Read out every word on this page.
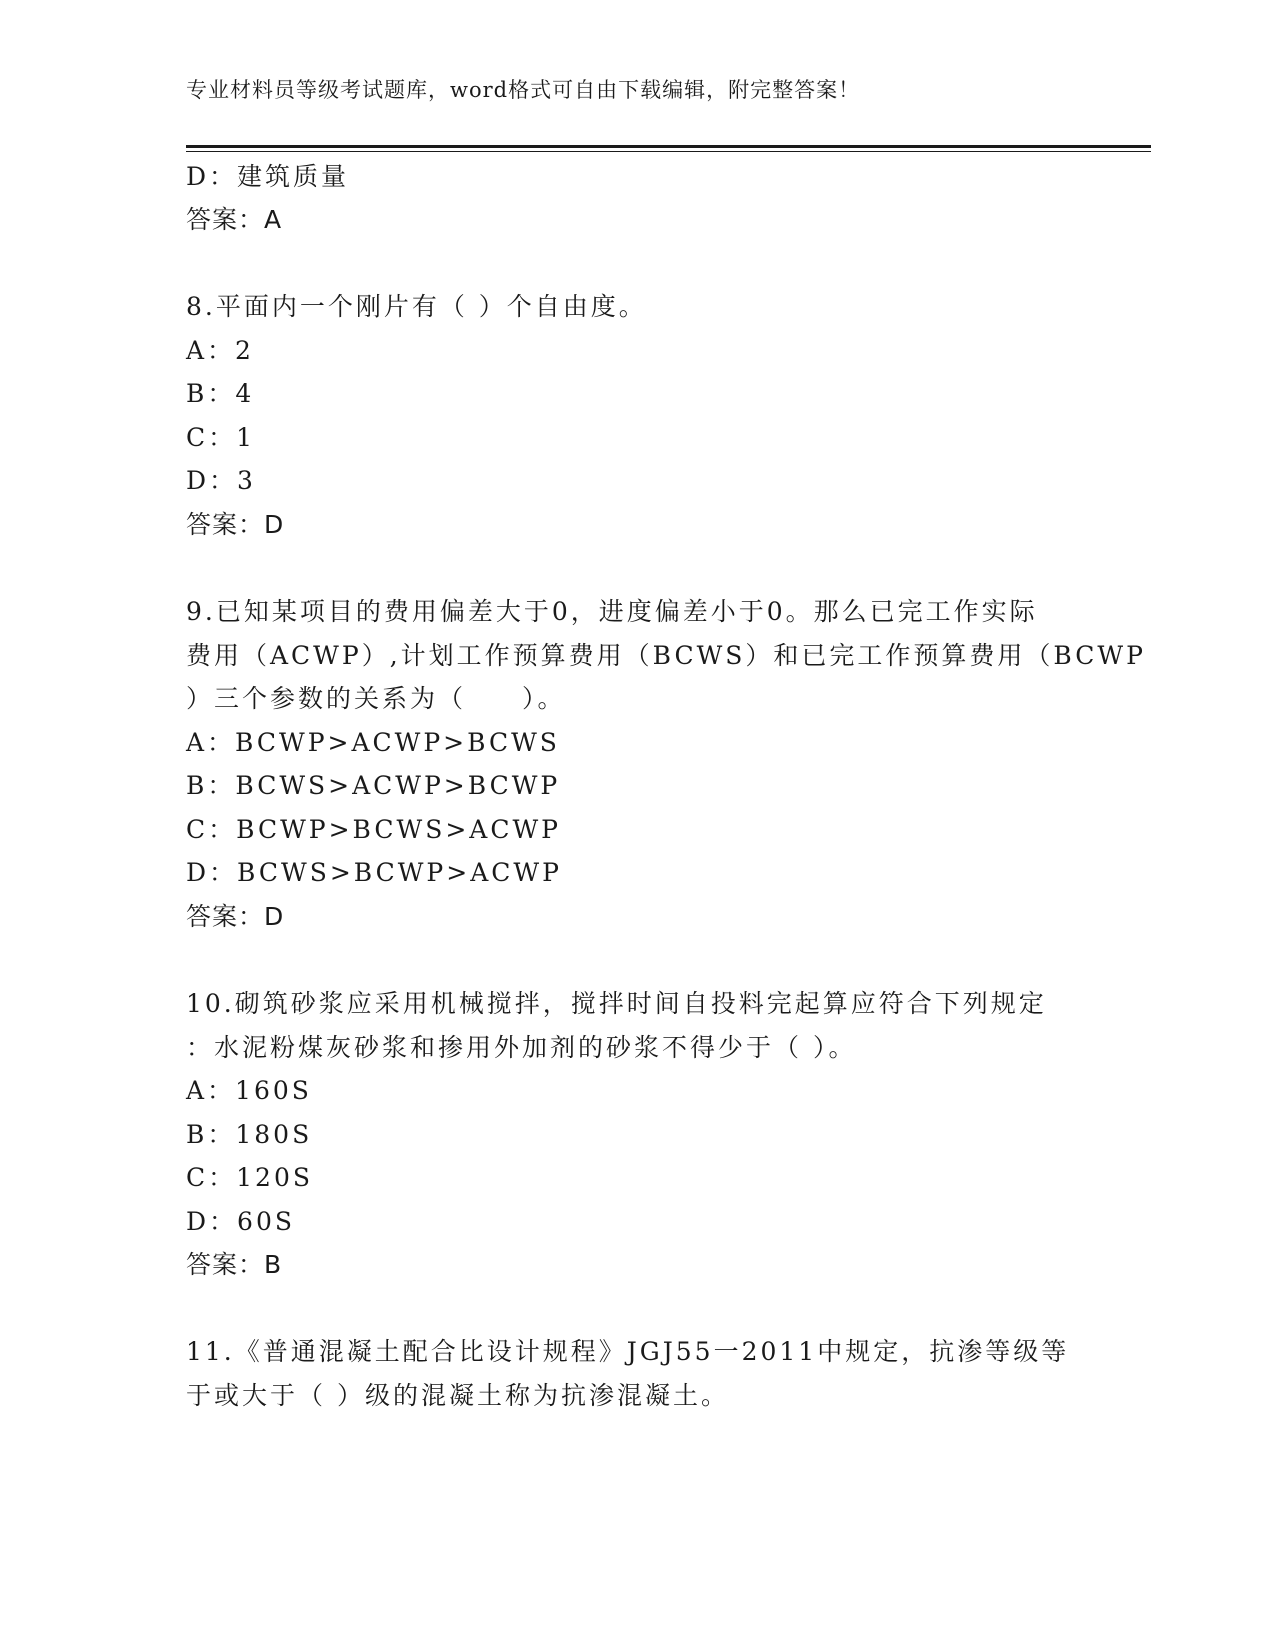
专业材料员等级考试题库，word格式可自由下载编辑，附完整答案！
D：建筑质量
答案：A
8.平面内一个刚片有（ ）个自由度。
A：2
B：4
C：1
D：3
答案：D
9.已知某项目的费用偏差大于0，进度偏差小于0。那么已完工作实际
费用（ACWP）,计划工作预算费用（BCWS）和已完工作预算费用（BCWP
）三个参数的关系为（　　）。
A：BCWP>ACWP>BCWS
B：BCWS>ACWP>BCWP
C：BCWP>BCWS>ACWP
D：BCWS>BCWP>ACWP
答案：D
10.砌筑砂浆应采用机械搅拌，搅拌时间自投料完起算应符合下列规定
：水泥粉煤灰砂浆和掺用外加剂的砂浆不得少于（ ）。
A：160S
B：180S
C：120S
D：60S
答案：B
11.《普通混凝土配合比设计规程》JGJ55一2011中规定，抗渗等级等
于或大于（ ）级的混凝土称为抗渗混凝土。
